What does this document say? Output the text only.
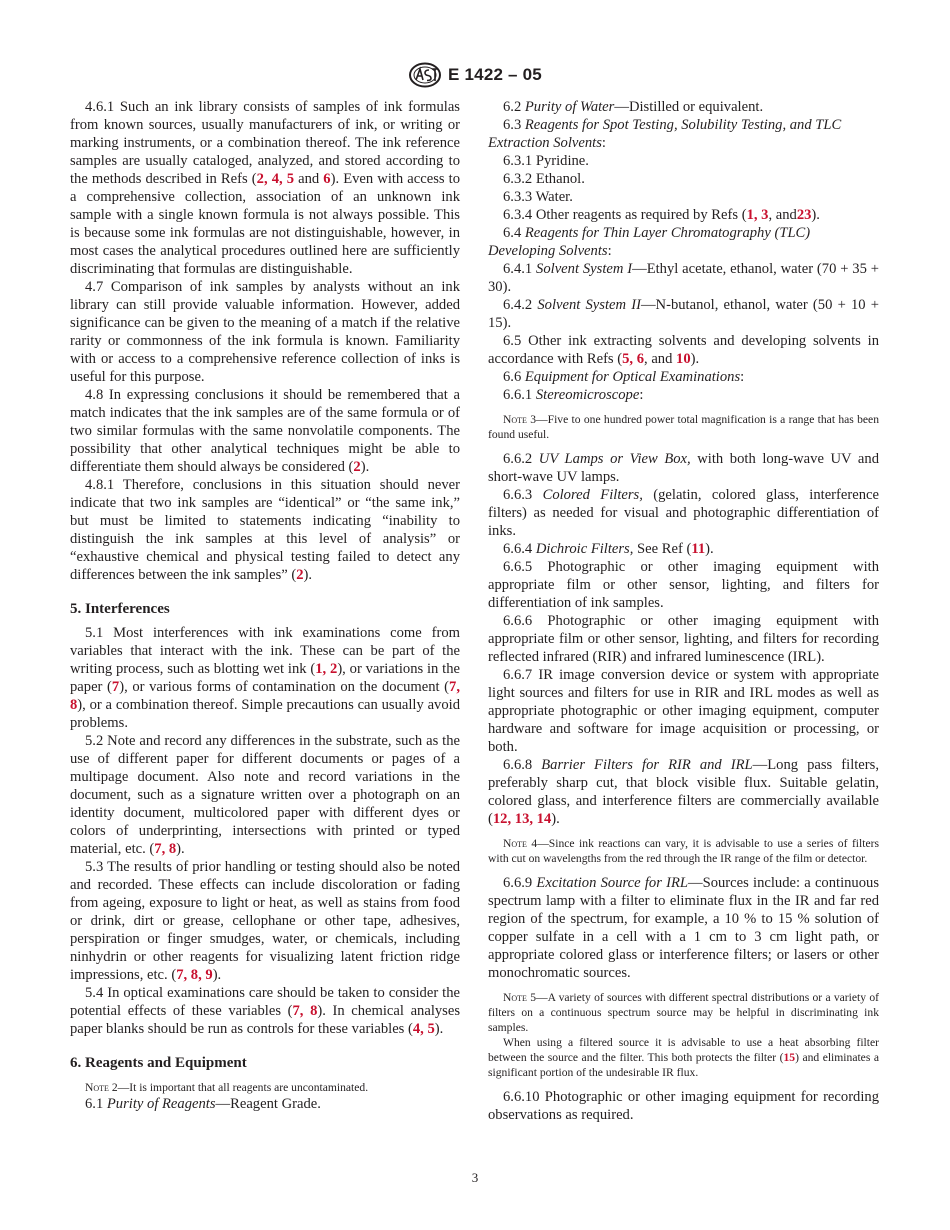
E 1422 – 05

4.6.1 Such an ink library consists of samples of ink formulas from known sources, usually manufacturers of ink, or writing or marking instruments, or a combination thereof. The ink reference samples are usually cataloged, analyzed, and stored according to the methods described in Refs (2, 4, 5 and 6). Even with access to a comprehensive collection, association of an unknown ink sample with a single known formula is not always possible. This is because some ink formulas are not distinguishable, however, in most cases the analytical procedures outlined here are sufficiently discriminating that formulas are distinguishable.

4.7 Comparison of ink samples by analysts without an ink library can still provide valuable information. However, added significance can be given to the meaning of a match if the relative rarity or commonness of the ink formula is known. Familiarity with or access to a comprehensive reference collection of inks is useful for this purpose.

4.8 In expressing conclusions it should be remembered that a match indicates that the ink samples are of the same formula or of two similar formulas with the same nonvolatile components. The possibility that other analytical techniques might be able to differentiate them should always be considered (2).

4.8.1 Therefore, conclusions in this situation should never indicate that two ink samples are “identical” or “the same ink,” but must be limited to statements indicating “inability to distinguish the ink samples at this level of analysis” or “exhaustive chemical and physical testing failed to detect any differences between the ink samples” (2).

5. Interferences

5.1 Most interferences with ink examinations come from variables that interact with the ink. These can be part of the writing process, such as blotting wet ink (1, 2), or variations in the paper (7), or various forms of contamination on the document (7, 8), or a combination thereof. Simple precautions can usually avoid problems.

5.2 Note and record any differences in the substrate, such as the use of different paper for different documents or pages of a multipage document. Also note and record variations in the document, such as a signature written over a photograph on an identity document, multicolored paper with different dyes or colors of underprinting, intersections with printed or typed material, etc. (7, 8).

5.3 The results of prior handling or testing should also be noted and recorded. These effects can include discoloration or fading from ageing, exposure to light or heat, as well as stains from food or drink, dirt or grease, cellophane or other tape, adhesives, perspiration or finger smudges, water, or chemicals, including ninhydrin or other reagents for visualizing latent friction ridge impressions, etc. (7, 8, 9).

5.4 In optical examinations care should be taken to consider the potential effects of these variables (7, 8). In chemical analyses paper blanks should be run as controls for these variables (4, 5).

6. Reagents and Equipment

Note 2—It is important that all reagents are uncontaminated.

6.1 Purity of Reagents—Reagent Grade.

6.2 Purity of Water—Distilled or equivalent.

6.3 Reagents for Spot Testing, Solubility Testing, and TLC Extraction Solvents:

6.3.1 Pyridine.

6.3.2 Ethanol.

6.3.3 Water.

6.3.4 Other reagents as required by Refs (1, 3, and23).

6.4 Reagents for Thin Layer Chromatography (TLC) Developing Solvents:

6.4.1 Solvent System I—Ethyl acetate, ethanol, water (70 + 35 + 30).

6.4.2 Solvent System II—N-butanol, ethanol, water (50 + 10 + 15).

6.5 Other ink extracting solvents and developing solvents in accordance with Refs (5, 6, and 10).

6.6 Equipment for Optical Examinations:

6.6.1 Stereomicroscope:

Note 3—Five to one hundred power total magnification is a range that has been found useful.

6.6.2 UV Lamps or View Box, with both long-wave UV and short-wave UV lamps.

6.6.3 Colored Filters, (gelatin, colored glass, interference filters) as needed for visual and photographic differentiation of inks.

6.6.4 Dichroic Filters, See Ref (11).

6.6.5 Photographic or other imaging equipment with appropriate film or other sensor, lighting, and filters for differentiation of ink samples.

6.6.6 Photographic or other imaging equipment with appropriate film or other sensor, lighting, and filters for recording reflected infrared (RIR) and infrared luminescence (IRL).

6.6.7 IR image conversion device or system with appropriate light sources and filters for use in RIR and IRL modes as well as appropriate photographic or other imaging equipment, computer hardware and software for image acquisition or processing, or both.

6.6.8 Barrier Filters for RIR and IRL—Long pass filters, preferably sharp cut, that block visible flux. Suitable gelatin, colored glass, and interference filters are commercially available (12, 13, 14).

Note 4—Since ink reactions can vary, it is advisable to use a series of filters with cut on wavelengths from the red through the IR range of the film or detector.

6.6.9 Excitation Source for IRL—Sources include: a continuous spectrum lamp with a filter to eliminate flux in the IR and far red region of the spectrum, for example, a 10 % to 15 % solution of copper sulfate in a cell with a 1 cm to 3 cm light path, or appropriate colored glass or interference filters; or lasers or other monochromatic sources.

Note 5—A variety of sources with different spectral distributions or a variety of filters on a continuous spectrum source may be helpful in discriminating ink samples.

When using a filtered source it is advisable to use a heat absorbing filter between the source and the filter. This both protects the filter (15) and eliminates a significant portion of the undesirable IR flux.

6.6.10 Photographic or other imaging equipment for recording observations as required.

3
